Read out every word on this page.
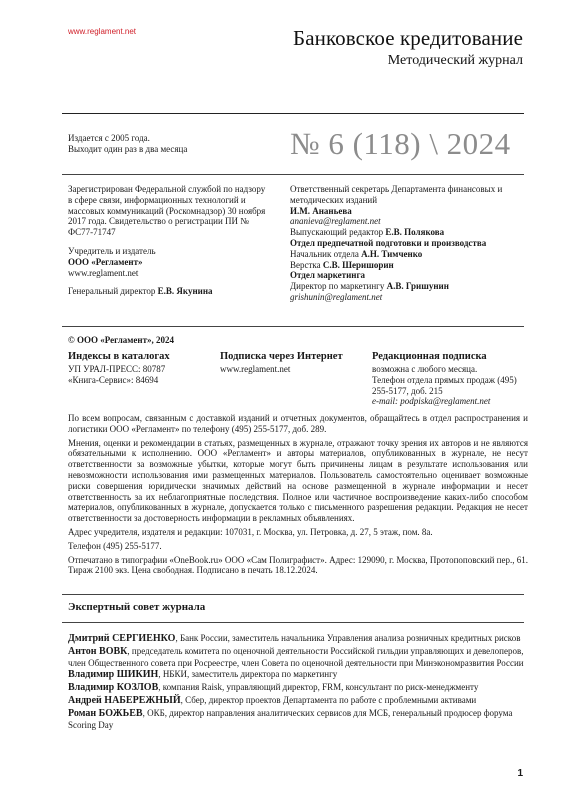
www.reglament.net	Банковское кредитование
Методический журнал
Издается с 2005 года.
Выходит один раз в два месяца	№ 6 (118) \ 2024

Зарегистрирован Федеральной службой по надзору в сфере связи, информационных технологий и массовых коммуникаций (Роскомнадзор) 30 ноября 2017 года. Свидетельство о регистрации ПИ № ФС77-71747

Учредитель и издатель

ООО «Регламент»

www.reglament.net

Генеральный директор Е.В. Якунина

Ответственный секретарь Департамента финансовых и методических изданий

И.М. Ананьева

ananieva@reglament.net

Выпускающий редактор Е.В. Полякова

Отдел предпечатной подготовки и производства

Начальник отдела А.Н. Тимченко

Верстка С.В. Шеришорин

Отдел маркетинга

Директор по маркетингу А.В. Гришунин

grishunin@reglament.net

© ООО «Регламент», 2024
Индексы в каталогах
УП УРАЛ-ПРЕСС: 80787
«Книга-Сервис»: 84694
Подписка через Интернет
www.reglament.net
Редакционная подписка
возможна с любого месяца.
Телефон отдела прямых продаж (495) 255-5177, доб. 215
e-mail: podpiska@reglament.net

По всем вопросам, связанным с доставкой изданий и отчетных документов, обращайтесь в отдел распространения и логистики ООО «Регламент» по телефону (495) 255-5177, доб. 289.

Мнения, оценки и рекомендации в статьях, размещенных в журнале, отражают точку зрения их авторов и не являются обязательными к исполнению. ООО «Регламент» и авторы материалов, опубликованных в журнале, не несут ответственности за возможные убытки, которые могут быть причинены лицам в результате использования или невозможности использования ими размещенных материалов. Пользователь самостоятельно оценивает возможные риски совершения юридически значимых действий на основе размещенной в журнале информации и несет ответственность за их неблагоприятные последствия. Полное или частичное воспроизведение каких-либо способом материалов, опубликованных в журнале, допускается только с письменного разрешения редакции. Редакция не несет ответственности за достоверность информации в рекламных объявлениях.

Адрес учредителя, издателя и редакции: 107031, г. Москва, ул. Петровка, д. 27, 5 этаж, пом. 8а.

Телефон (495) 255-5177.

Отпечатано в типографии «OneBook.ru» ООО «Сам Полиграфист». Адрес: 129090, г. Москва, Протопоповский пер., 61. Тираж 2100 экз. Цена свободная. Подписано в печать 18.12.2024.

Экспертный совет журнала

Дмитрий СЕРГИЕНКО, Банк России, заместитель начальника Управления анализа розничных кредитных рисков

Антон ВОВК, председатель комитета по оценочной деятельности Российской гильдии управляющих и девелоперов, член Общественного совета при Росреестре, член Совета по оценочной деятельности при Минэкономразвития России

Владимир ШИКИН, НБКИ, заместитель директора по маркетингу

Владимир КОЗЛОВ, компания Raisk, управляющий директор, FRM, консультант по риск-менеджменту

Андрей НАБЕРЕЖНЫЙ, Сбер, директор проектов Департамента по работе с проблемными активами

Роман БОЖЬЕВ, ОКБ, директор направления аналитических сервисов для МСБ, генеральный продюсер форума Scoring Day

1
